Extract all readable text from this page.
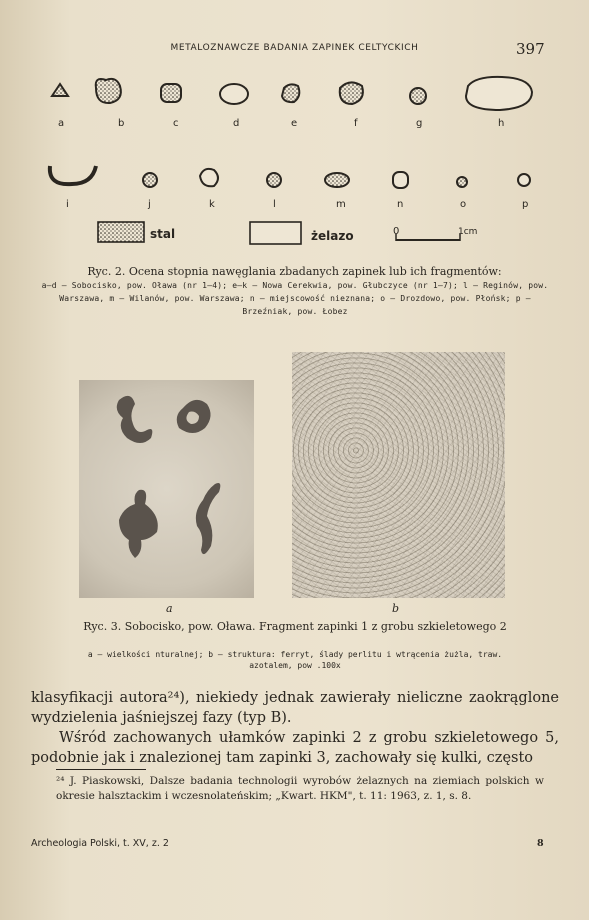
METALOZNAWCZE BADANIA ZAPINEK CELTYCKICH	397
a	b	c	d	e	f	g	h
i	j	k	l	m	n	o	p
stal	żelazo	0	1cm
Ryc. 2. Ocena stopnia nawęglania zbadanych zapinek lub ich fragmentów:
a—d — Sobocisko, pow. Oława (nr 1—4); e—k — Nowa Cerekwia, pow. Głubczyce (nr 1—7); l — Reginów, pow. Warszawa, m — Wilanów, pow. Warszawa; n — miejscowość nieznana; o — Drozdowo, pow. Płońsk; p — Brzeźniak, pow. Łobez
a	b
Ryc. 3. Sobocisko, pow. Oława. Fragment zapinki 1 z grobu szkieletowego 2
a — wielkości nturalnej; b — struktura: ferryt, ślady perlitu i wtrącenia żużla, traw. azotalem, pow .100x

klasyfikacji autora²⁴), niekiedy jednak zawierały nieliczne zaokrąglone wydzielenia jaśniejszej fazy (typ B).

Wśród zachowanych ułamków zapinki 2 z grobu szkieletowego 5, podobnie jak i znalezionej tam zapinki 3, zachowały się kulki, często

²⁴ J. Piaskowski, Dalsze badania technologii wyrobów żelaznych na ziemiach polskich w okresie halsztackim i wczesnolateńskim; „Kwart. HKM", t. 11: 1963, z. 1, s. 8.
Archeologia Polski, t. XV, z. 2	8
